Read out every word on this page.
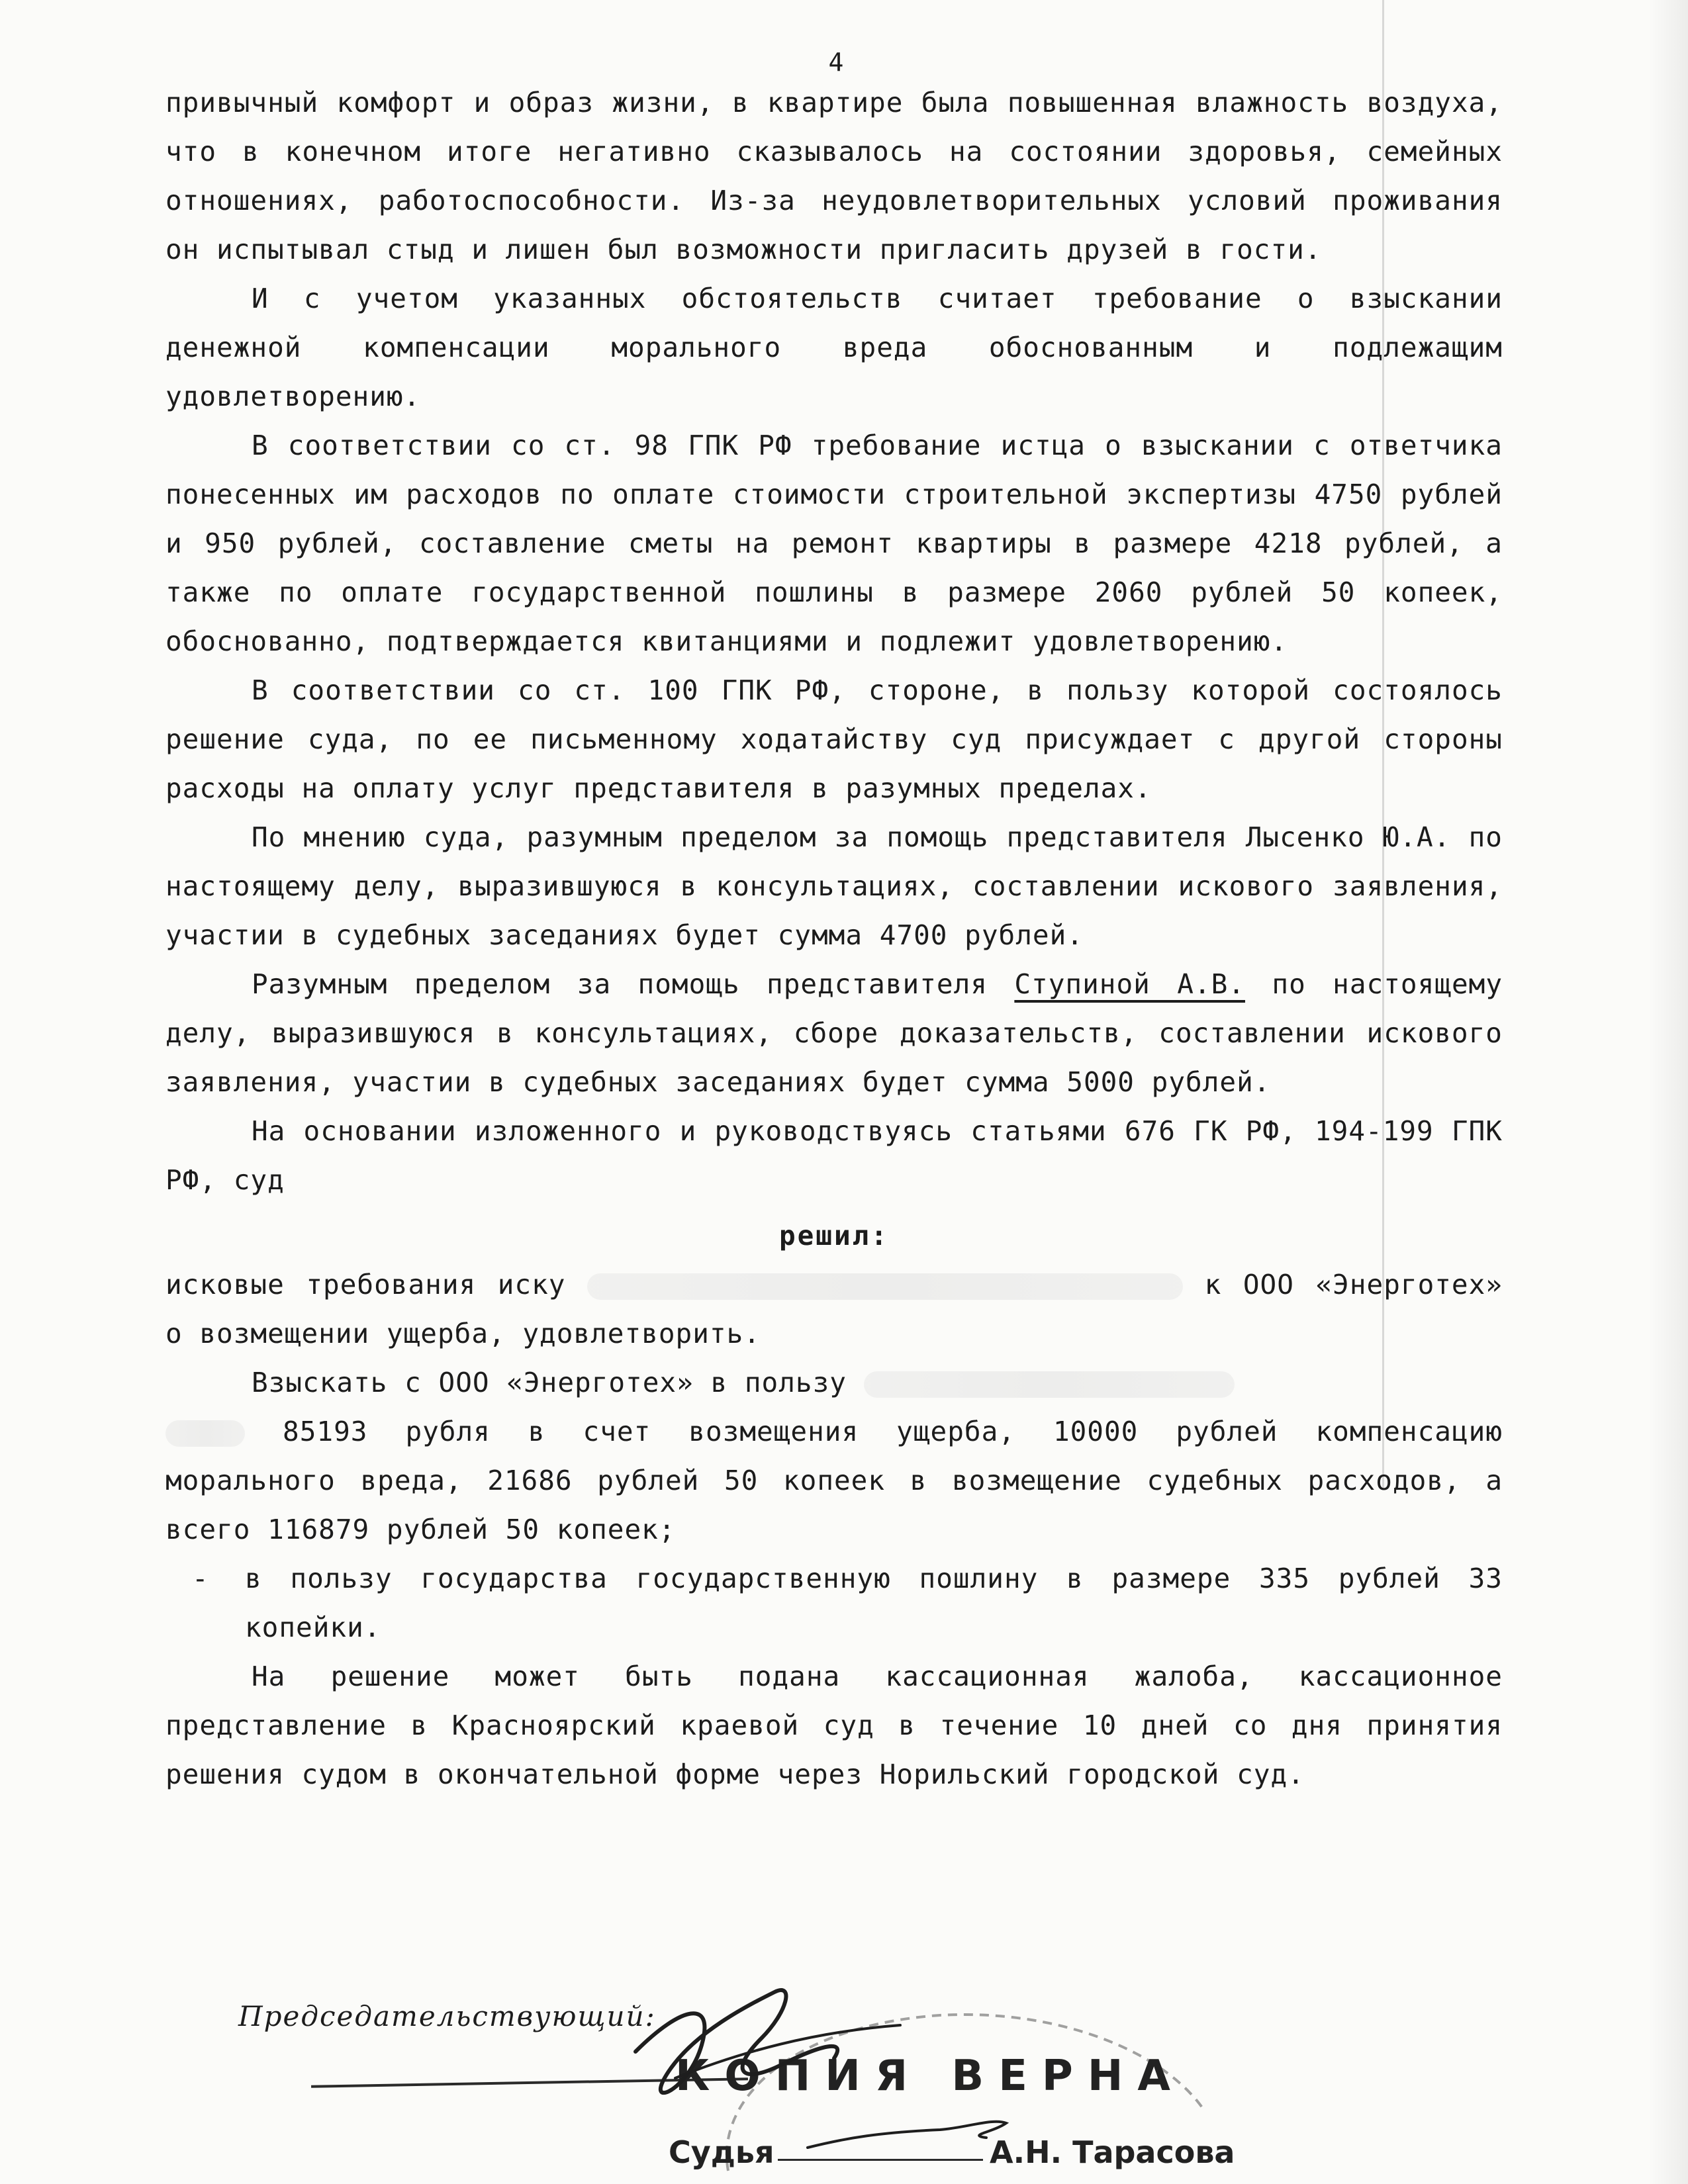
4

привычный комфорт и образ жизни, в квартире была повышенная влажность воздуха, что в конечном итоге негативно сказывалось на состоянии здоровья, семейных отношениях, работоспособности. Из-за неудовлетворительных условий проживания он испытывал стыд и лишен был возможности пригласить друзей в гости.

И с учетом указанных обстоятельств считает требование о взыскании денежной компенсации морального вреда обоснованным и подлежащим удовлетворению.

В соответствии со ст. 98 ГПК РФ требование истца о взыскании с ответчика понесенных им расходов по оплате стоимости строительной экспертизы 4750 рублей и 950 рублей, составление сметы на ремонт квартиры в размере 4218 рублей, а также по оплате государственной пошлины в размере 2060 рублей 50 копеек, обоснованно, подтверждается квитанциями и подлежит удовлетворению.

В соответствии со ст. 100 ГПК РФ, стороне, в пользу которой состоялось решение суда, по ее письменному ходатайству суд присуждает с другой стороны расходы на оплату услуг представителя в разумных пределах.

По мнению суда, разумным пределом за помощь представителя Лысенко Ю.А. по настоящему делу, выразившуюся в консультациях, составлении искового заявления, участии в судебных заседаниях будет сумма 4700 рублей.

Разумным пределом за помощь представителя Ступиной А.В. по настоящему делу, выразившуюся в консультациях, сборе доказательств, составлении искового заявления, участии в судебных заседаниях будет сумма 5000 рублей.

На основании изложенного и руководствуясь статьями 676 ГК РФ, 194-199 ГПК РФ, суд

решил:

исковые требования иску	к ООО «Энерготех» о возмещении ущерба, удовлетворить.

Взыскать с ООО «Энерготех» в пользу

85193 рубля в счет возмещения ущерба, 10000 рублей компенсацию морального вреда, 21686 рублей 50 копеек в возмещение судебных расходов, а всего 116879 рублей 50 копеек;

-	в пользу государства государственную пошлину в размере 335 рублей 33 копейки.

На решение может быть подана кассационная жалоба, кассационное представление в Красноярский краевой суд в течение 10 дней со дня принятия решения судом в окончательной форме через Норильский городской суд.

Председательствующий:
КОПИЯ ВЕРНА
Судья	А.Н. Тарасова
